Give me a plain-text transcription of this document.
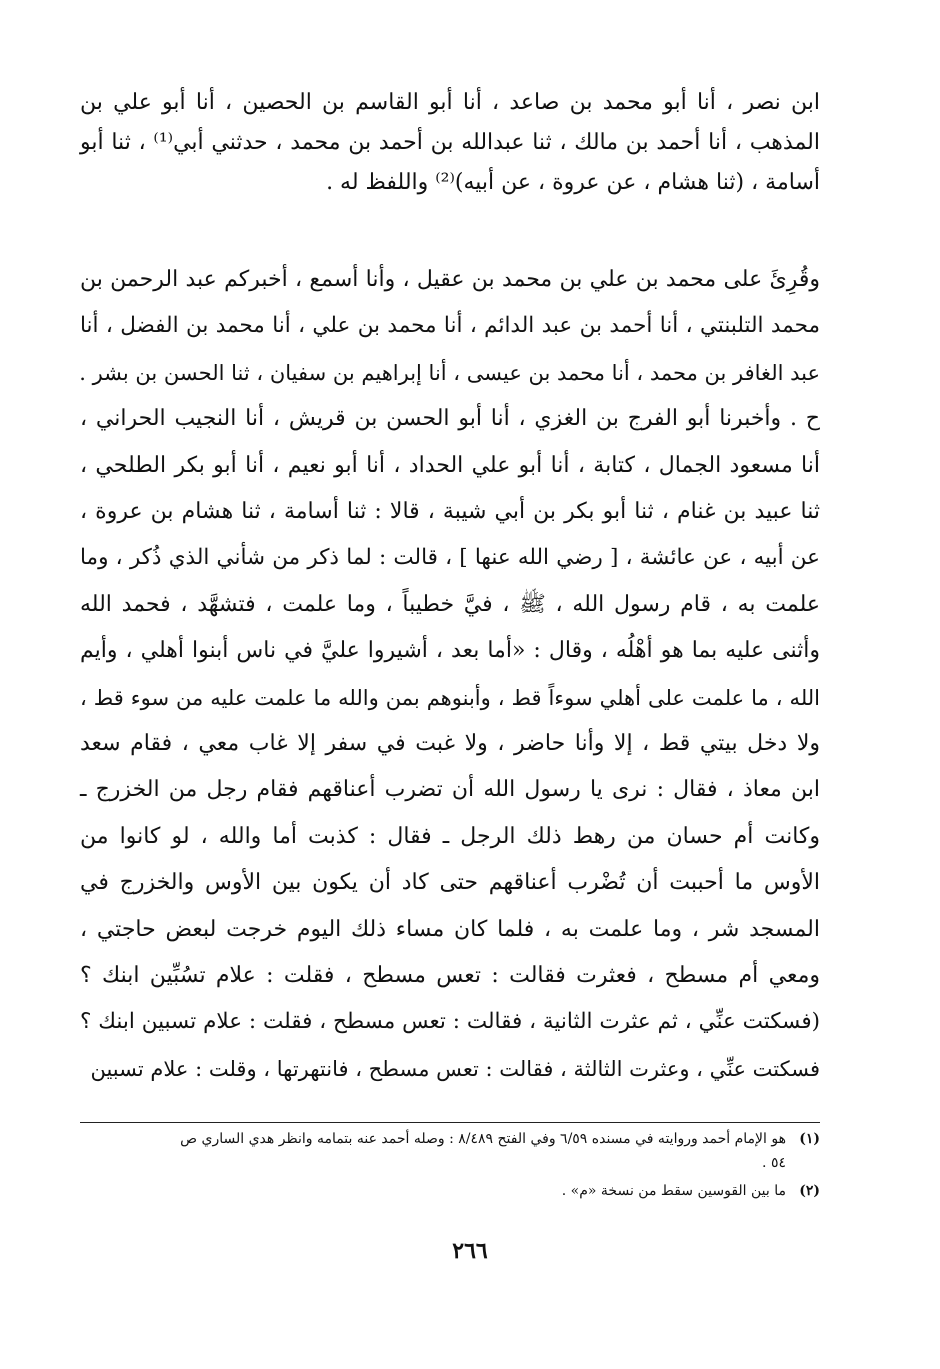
ابن نصر ، أنا أبو محمد بن صاعد ، أنا أبو القاسم بن الحصين ، أنا أبو علي بن
المذهب ، أنا أحمد بن مالك ، ثنا عبدالله بن أحمد بن محمد ، حدثني أبي⁽¹⁾ ، ثنا أبو
أسامة ، (ثنا هشام ، عن عروة ، عن أبيه)⁽²⁾ واللفظ له .
وقُرِئَ على محمد بن علي بن محمد بن عقيل ، وأنا أسمع ، أخبركم عبد الرحمن بن
محمد التلبنتي ، أنا أحمد بن عبد الدائم ، أنا محمد بن علي ، أنا محمد بن الفضل ، أنا
عبد الغافر بن محمد ، أنا محمد بن عيسى ، أنا إبراهيم بن سفيان ، ثنا الحسن بن بشر .
ح . وأخبرنا أبو الفرج بن الغزي ، أنا أبو الحسن بن قريش ، أنا النجيب الحراني ،
أنا مسعود الجمال ، كتابة ، أنا أبو علي الحداد ، أنا أبو نعيم ، أنا أبو بكر الطلحي ،
ثنا عبيد بن غنام ، ثنا أبو بكر بن أبي شيبة ، قالا : ثنا أسامة ، ثنا هشام بن عروة ،
عن أبيه ، عن عائشة ، [ رضي الله عنها ] ، قالت : لما ذكر من شأني الذي ذُكر ، وما
علمت به ، قام رسول الله ، ﷺ ، فيَّ خطيباً ، وما علمت ، فتشهَّد ، فحمد الله
وأثنى عليه بما هو أهْلُه ، وقال : «أما بعد ، أشيروا عليَّ في ناس أبنوا أهلي ، وأيم
الله ، ما علمت على أهلي سوءاً قط ، وأبنوهم بمن والله ما علمت عليه من سوء قط ،
ولا دخل بيتي قط ، إلا وأنا حاضر ، ولا غبت في سفر إلا غاب معي ، فقام سعد
ابن معاذ ، فقال : نرى يا رسول الله أن تضرب أعناقهم فقام رجل من الخزرج ـ
وكانت أم حسان من رهط ذلك الرجل ـ فقال : كذبت أما والله ، لو كانوا من
الأوس ما أحببت أن تُضْرب أعناقهم حتى كاد أن يكون بين الأوس والخزرج في
المسجد شر ، وما علمت به ، فلما كان مساء ذلك اليوم خرجت لبعض حاجتي ،
ومعي أم مسطح ، فعثرت فقالت : تعس مسطح ، فقلت : علام تسُبِّين ابنك ؟
(فسكتت عنِّي ، ثم عثرت الثانية ، فقالت : تعس مسطح ، فقلت : علام تسبين ابنك ؟
فسكتت عنِّي ، وعثرت الثالثة ، فقالت : تعس مسطح ، فانتهرتها ، وقلت : علام تسبين
(١)هو الإمام أحمد وروايته في مسنده ٦/٥٩ وفي الفتح ٨/٤٨٩ : وصله أحمد عنه بتمامه وانظر هدي الساري ص
٥٤ .
(٢)ما بين القوسين سقط من نسخة «م» .
٢٦٦
